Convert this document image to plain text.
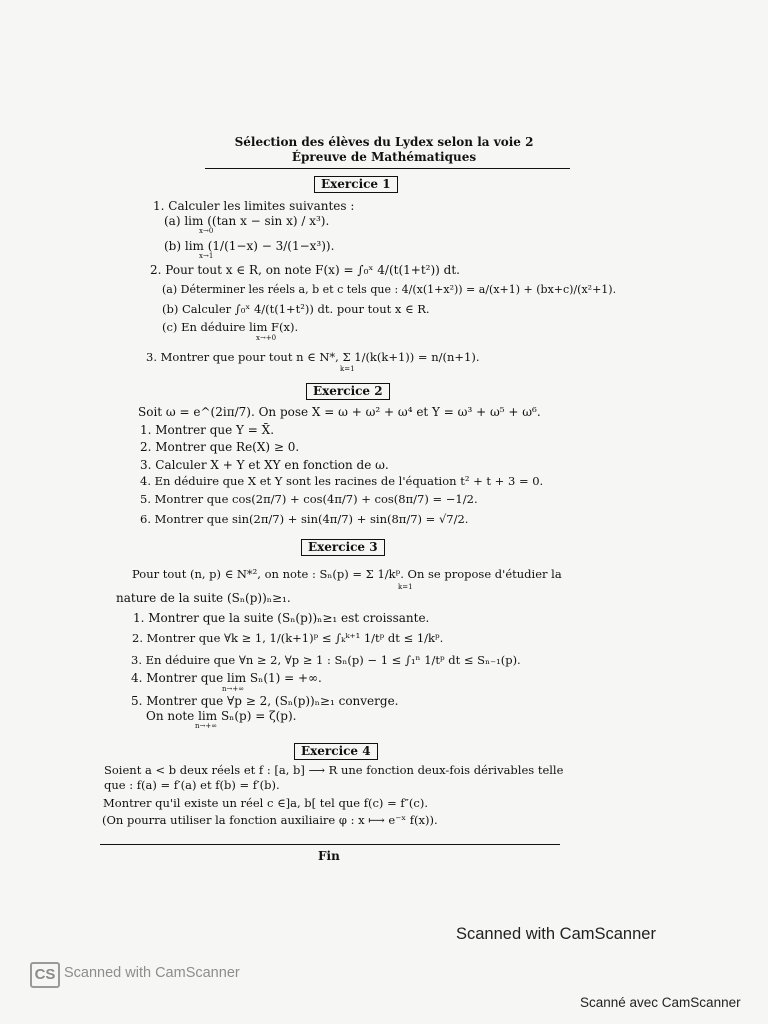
Sélection des élèves du Lydex selon la voie 2
Épreuve de Mathématiques
Exercice 1
1. Calculer les limites suivantes :
(a) lim ((tan x − sin x) / x³).
x→0
(b) lim (1/(1−x) − 3/(1−x³)).
x→1
2. Pour tout x ∈ R, on note F(x) = ∫₀ˣ 4/(t(1+t²)) dt.
(a) Déterminer les réels a, b et c tels que : 4/(x(1+x²)) = a/(x+1) + (bx+c)/(x²+1).
(b) Calculer ∫₀ˣ 4/(t(1+t²)) dt. pour tout x ∈ R.
(c) En déduire lim F(x).
x→+0
3. Montrer que pour tout n ∈ N*, Σ 1/(k(k+1)) = n/(n+1).
k=1
Exercice 2
Soit ω = e^(2iπ/7). On pose X = ω + ω² + ω⁴ et Y = ω³ + ω⁵ + ω⁶.
1. Montrer que Y = X̄.
2. Montrer que Re(X) ≥ 0.
3. Calculer X + Y et XY en fonction de ω.
4. En déduire que X et Y sont les racines de l'équation t² + t + 3 = 0.
5. Montrer que cos(2π/7) + cos(4π/7) + cos(8π/7) = −1/2.
6. Montrer que sin(2π/7) + sin(4π/7) + sin(8π/7) = √7/2.
Exercice 3
Pour tout (n, p) ∈ N*², on note : Sₙ(p) = Σ 1/kᵖ. On se propose d'étudier la
k=1
nature de la suite (Sₙ(p))ₙ≥₁.
1. Montrer que la suite (Sₙ(p))ₙ≥₁ est croissante.
2. Montrer que ∀k ≥ 1, 1/(k+1)ᵖ ≤ ∫ₖᵏ⁺¹ 1/tᵖ dt ≤ 1/kᵖ.
3. En déduire que ∀n ≥ 2, ∀p ≥ 1 : Sₙ(p) − 1 ≤ ∫₁ⁿ 1/tᵖ dt ≤ Sₙ₋₁(p).
4. Montrer que lim Sₙ(1) = +∞.
n→+∞
5. Montrer que ∀p ≥ 2, (Sₙ(p))ₙ≥₁ converge.
On note lim Sₙ(p) = ζ(p).
n→+∞
Exercice 4
Soient a < b deux réels et f : [a, b] ⟶ R une fonction deux-fois dérivables telle
que : f(a) = f′(a) et f(b) = f′(b).
Montrer qu'il existe un réel c ∈]a, b[ tel que f(c) = f″(c).
(On pourra utiliser la fonction auxiliaire φ : x ⟼ e⁻ˣ f(x)).
Fin
Scanned with CamScanner
CS Scanned with CamScanner
Scanné avec CamScanner
